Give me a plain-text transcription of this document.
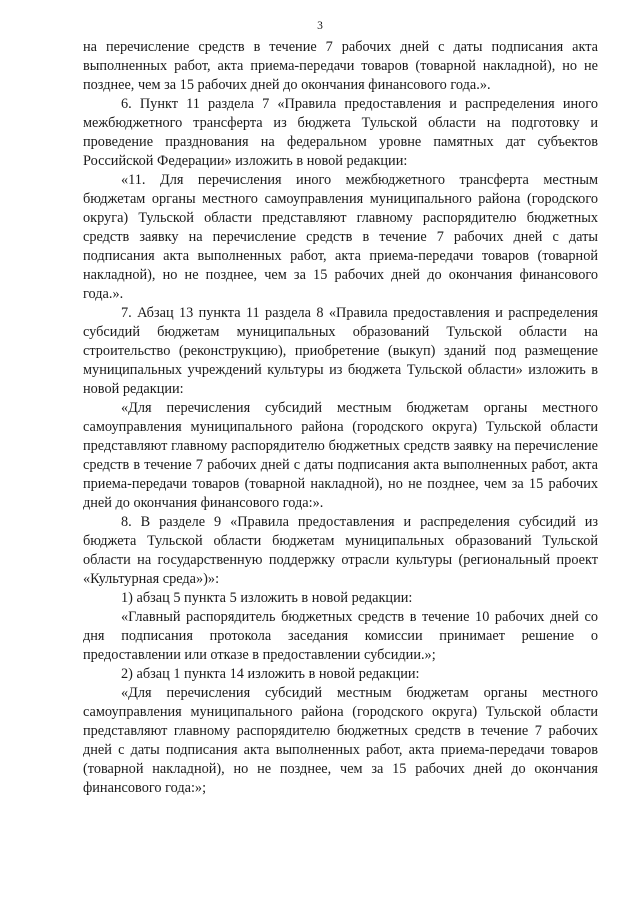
3

на перечисление средств в течение 7 рабочих дней с даты подписания акта выполненных работ, акта приема-передачи товаров (товарной накладной), но не позднее, чем за 15 рабочих дней до окончания финансового года.».

6. Пункт 11 раздела 7 «Правила предоставления и распределения иного межбюджетного трансферта из бюджета Тульской области на подготовку и проведение празднования на федеральном уровне памятных дат субъектов Российской Федерации» изложить в новой редакции:

«11. Для перечисления иного межбюджетного трансферта местным бюджетам органы местного самоуправления муниципального района (городского округа) Тульской области представляют главному распорядителю бюджетных средств заявку на перечисление средств в течение 7 рабочих дней с даты подписания акта выполненных работ, акта приема-передачи товаров (товарной накладной), но не позднее, чем за 15 рабочих дней до окончания финансового года.».

7. Абзац 13 пункта 11 раздела 8 «Правила предоставления и распределения субсидий бюджетам муниципальных образований Тульской области на строительство (реконструкцию), приобретение (выкуп) зданий под размещение муниципальных учреждений культуры из бюджета Тульской области» изложить в новой редакции:

«Для перечисления субсидий местным бюджетам органы местного самоуправления муниципального района (городского округа) Тульской области представляют главному распорядителю бюджетных средств заявку на перечисление средств в течение 7 рабочих дней с даты подписания акта выполненных работ, акта приема-передачи товаров (товарной накладной), но не позднее, чем за 15 рабочих дней до окончания финансового года:».

8. В разделе 9 «Правила предоставления и распределения субсидий из бюджета Тульской области бюджетам муниципальных образований Тульской области на государственную поддержку отрасли культуры (региональный проект «Культурная среда»)»:

1) абзац 5 пункта 5 изложить в новой редакции:

«Главный распорядитель бюджетных средств в течение 10 рабочих дней со дня подписания протокола заседания комиссии принимает решение о предоставлении или отказе в предоставлении субсидии.»;

2) абзац 1 пункта 14 изложить в новой редакции:

«Для перечисления субсидий местным бюджетам органы местного самоуправления муниципального района (городского округа) Тульской области представляют главному распорядителю бюджетных средств в течение 7 рабочих дней с даты подписания акта выполненных работ, акта приема-передачи товаров (товарной накладной), но не позднее, чем за 15 рабочих дней до окончания финансового года:»;
